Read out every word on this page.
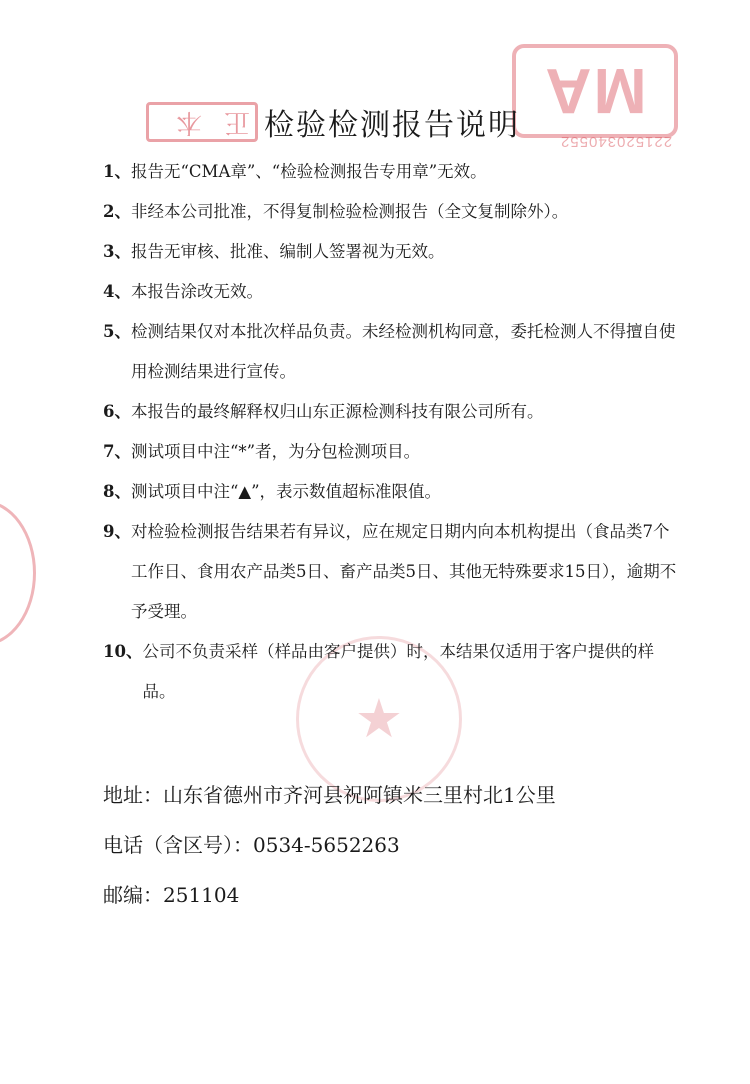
MA
221520340552
正本
★
检验检测报告说明
1、 报告无“CMA章”、“检验检测报告专用章”无效。
2、 非经本公司批准，不得复制检验检测报告（全文复制除外）。
3、 报告无审核、批准、编制人签署视为无效。
4、 本报告涂改无效。
5、 检测结果仅对本批次样品负责。未经检测机构同意，委托检测人不得擅自使用检测结果进行宣传。
6、 本报告的最终解释权归山东正源检测科技有限公司所有。
7、 测试项目中注“*”者，为分包检测项目。
8、 测试项目中注“▲”，表示数值超标准限值。
9、 对检验检测报告结果若有异议，应在规定日期内向本机构提出（食品类7个工作日、食用农产品类5日、畜产品类5日、其他无特殊要求15日），逾期不予受理。
10、 公司不负责采样（样品由客户提供）时，本结果仅适用于客户提供的样品。
地址：山东省德州市齐河县祝阿镇米三里村北1公里
电话（含区号）：0534-5652263
邮编：251104
